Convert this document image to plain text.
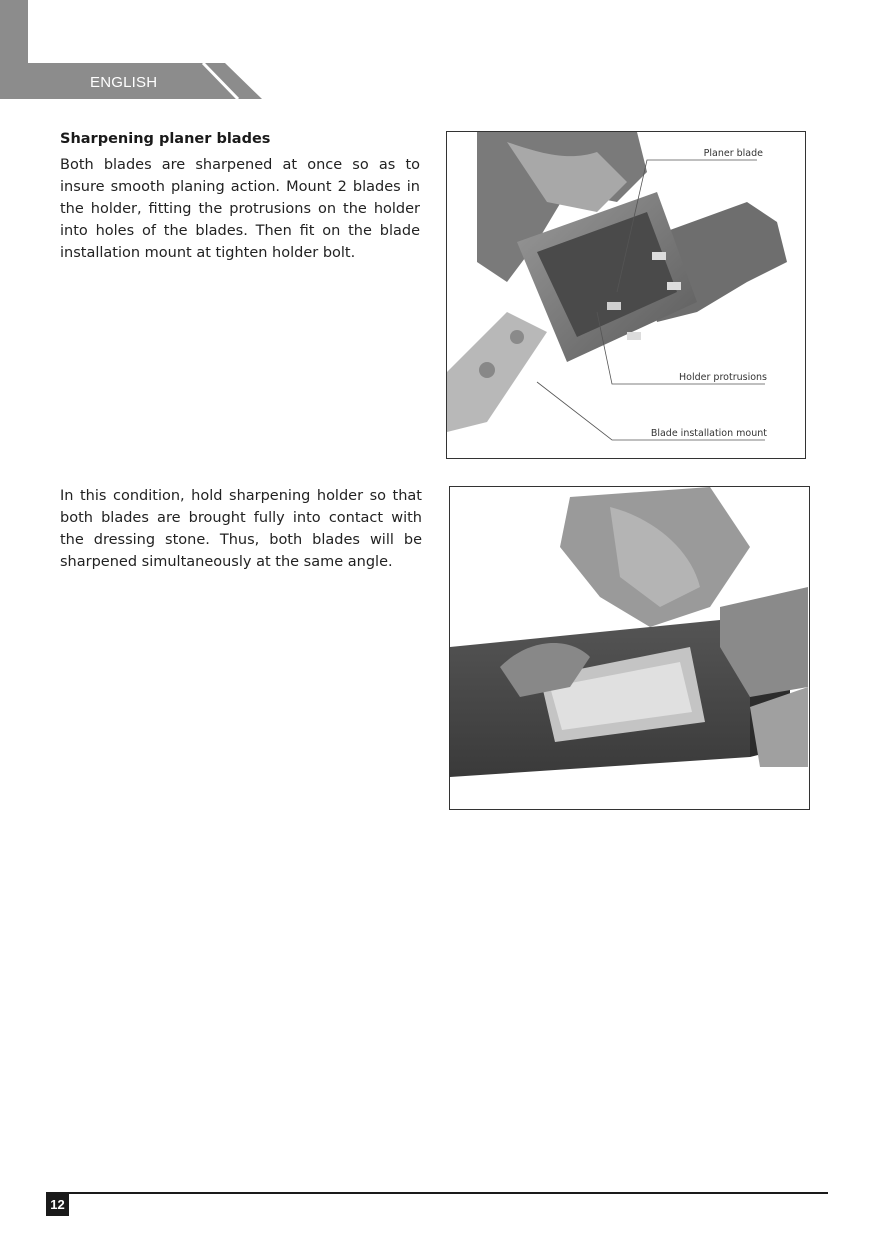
ENGLISH
Sharpening planer blades

Both blades are sharpened at once so as to insure smooth planing action. Mount 2 blades in the holder, fitting the protrusions on the holder into holes of the blades. Then fit on the blade installation mount at tighten holder bolt.

Planer blade
Holder protrusions
Blade installation mount

In this condition, hold sharpening holder so that both blades are brought fully into contact with the dressing stone. Thus, both blades will be sharpened simultaneously at the same angle.

12
